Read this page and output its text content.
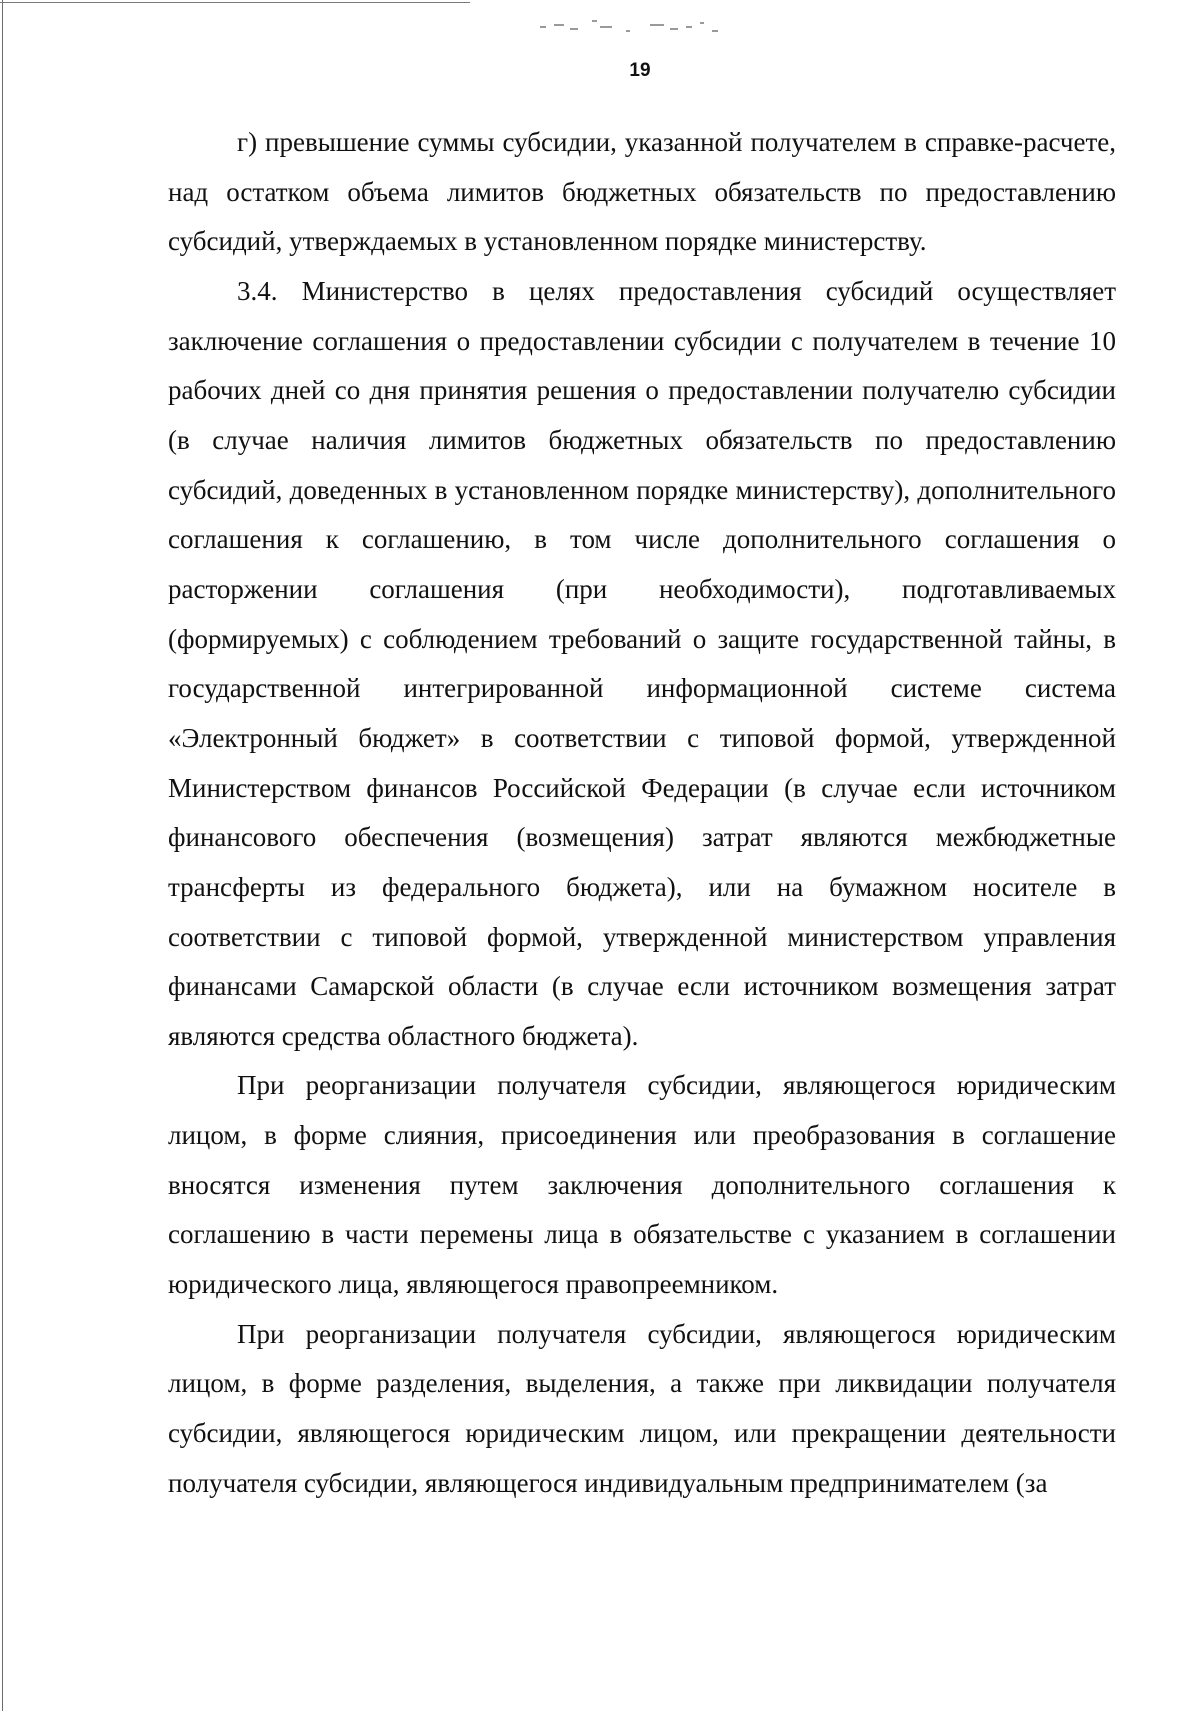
19

г) превышение суммы субсидии, указанной получателем в справке-расчете, над остатком объема лимитов бюджетных обязательств по предоставлению субсидий, утверждаемых в установленном порядке министерству.

3.4. Министерство в целях предоставления субсидий осуществляет заключение соглашения о предоставлении субсидии с получателем в течение 10 рабочих дней со дня принятия решения о предоставлении получателю субсидии (в случае наличия лимитов бюджетных обязательств по предоставлению субсидий, доведенных в установленном порядке министерству), дополнительного соглашения к соглашению, в том числе дополнительного соглашения о расторжении соглашения (при необходимости), подготавливаемых (формируемых) с соблюдением требований о защите государственной тайны, в государственной интегрированной информационной системе система «Электронный бюджет» в соответствии с типовой формой, утвержденной Министерством финансов Российской Федерации (в случае если источником финансового обеспечения (возмещения) затрат являются межбюджетные трансферты из федерального бюджета), или на бумажном носителе в соответствии с типовой формой, утвержденной министерством управления финансами Самарской области (в случае если источником возмещения затрат являются средства областного бюджета).

При реорганизации получателя субсидии, являющегося юридическим лицом, в форме слияния, присоединения или преобразования в соглашение вносятся изменения путем заключения дополнительного соглашения к соглашению в части перемены лица в обязательстве с указанием в соглашении юридического лица, являющегося правопреемником.

При реорганизации получателя субсидии, являющегося юридическим лицом, в форме разделения, выделения, а также при ликвидации получателя субсидии, являющегося юридическим лицом, или прекращении деятельности получателя субсидии, являющегося индивидуальным предпринимателем (за
